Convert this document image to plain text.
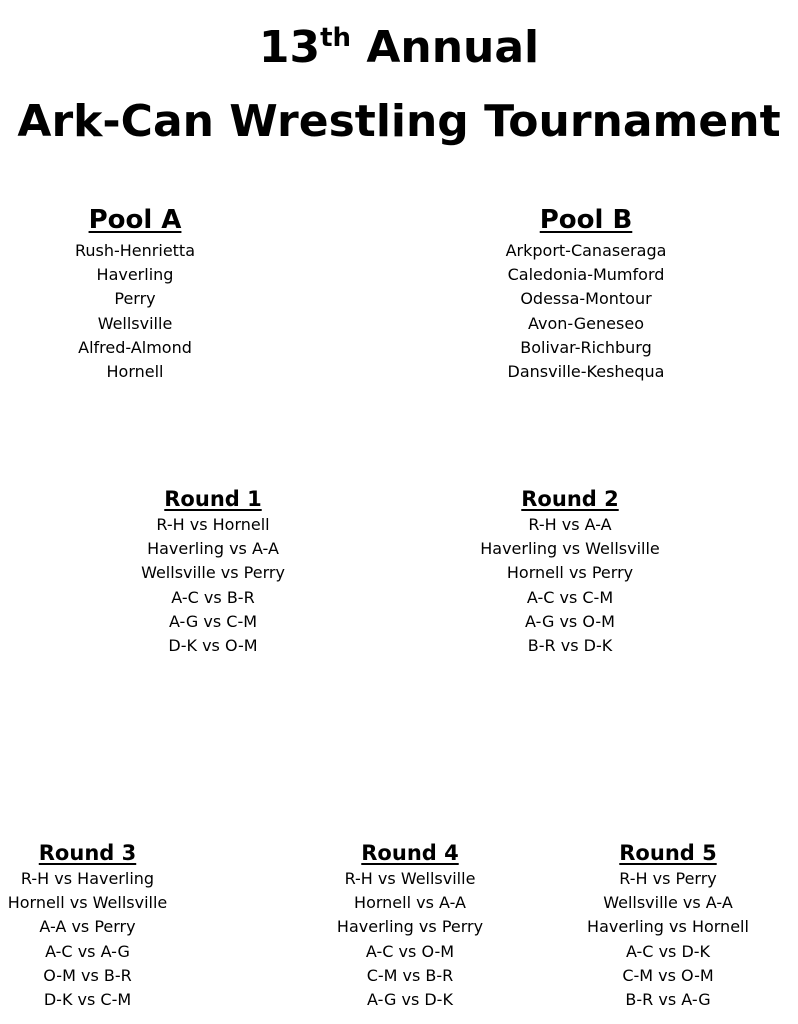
13th Annual
Ark-Can Wrestling Tournament
Pool A
Rush-Henrietta
Haverling
Perry
Wellsville
Alfred-Almond
Hornell
Pool B
Arkport-Canaseraga
Caledonia-Mumford
Odessa-Montour
Avon-Geneseo
Bolivar-Richburg
Dansville-Keshequa
Round 1
R-H vs Hornell
Haverling vs A-A
Wellsville vs Perry
A-C vs B-R
A-G vs C-M
D-K vs O-M
Round 2
R-H vs A-A
Haverling vs Wellsville
Hornell vs Perry
A-C vs C-M
A-G vs O-M
B-R vs D-K
Round 3
R-H vs Haverling
Hornell vs Wellsville
A-A vs Perry
A-C vs A-G
O-M vs B-R
D-K vs C-M
Round 4
R-H vs Wellsville
Hornell vs A-A
Haverling vs Perry
A-C vs O-M
C-M vs B-R
A-G vs D-K
Round 5
R-H vs Perry
Wellsville vs A-A
Haverling vs Hornell
A-C vs D-K
C-M vs O-M
B-R vs A-G
